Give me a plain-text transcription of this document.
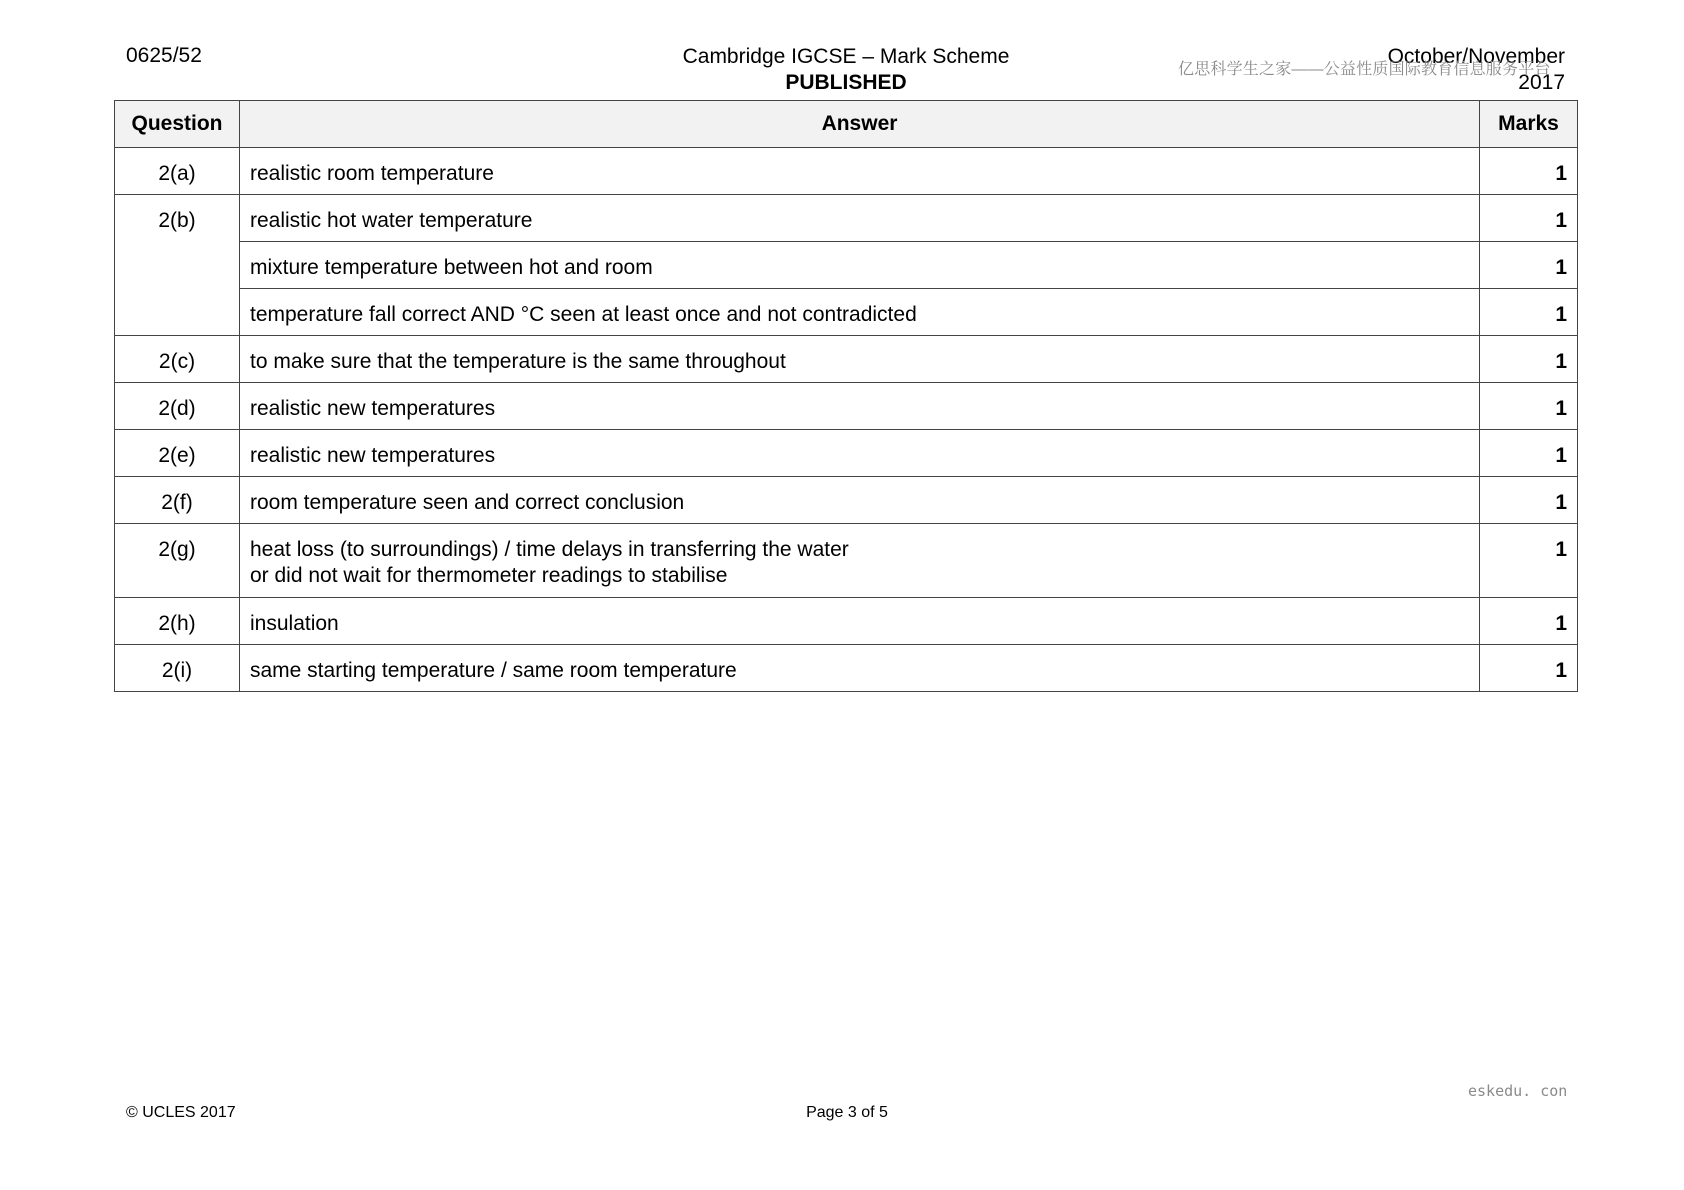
0625/52	Cambridge IGCSE – Mark Scheme
PUBLISHED
October/November
2017
亿思科学生之家——公益性质国际教育信息服务平台
Question	Answer	Marks
2(a)	realistic room temperature	1
2(b)	realistic hot water temperature	1

	mixture temperature between hot and room	1

	temperature fall correct AND °C seen at least once and not contradicted	1
2(c)	to make sure that the temperature is the same throughout	1
2(d)	realistic new temperatures	1
2(e)	realistic new temperatures	1
2(f)	room temperature seen and correct conclusion	1
2(g)	heat loss (to surroundings) / time delays in transferring the water
or did not wait for thermometer readings to stabilise	1
2(h)	insulation	1
2(i)	same starting temperature / same room temperature	1
eskedu. con
© UCLES 2017	Page 3 of 5
